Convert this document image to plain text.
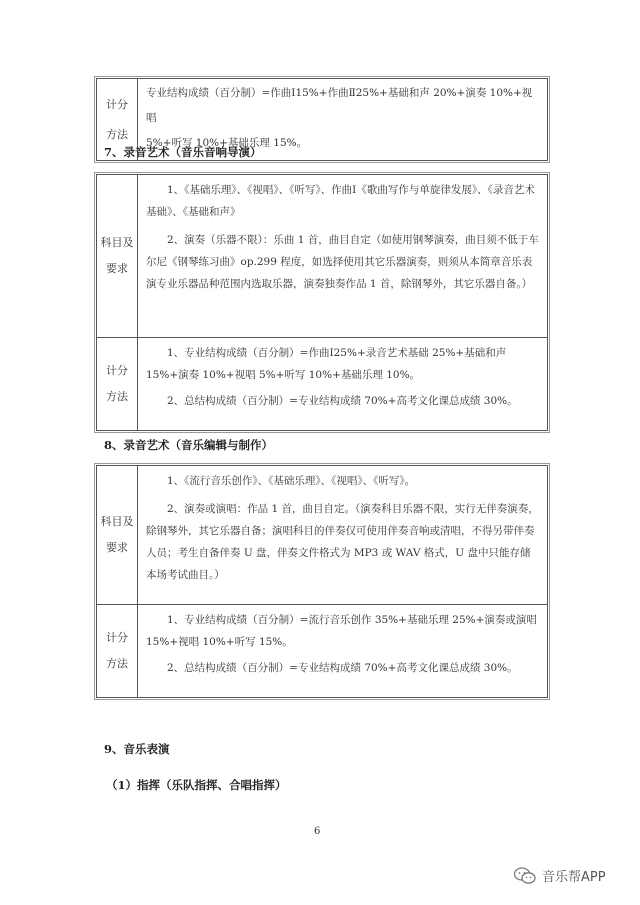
计分
方法

专业结构成绩（百分制）=作曲Ⅰ15%+作曲Ⅱ25%+基础和声 20%+演奏 10%+视唱

5%+听写 10%+基础乐理 15%。

7、录音艺术（音乐音响导演）
科目及
要求

1、《基础乐理》、《视唱》、《听写》、作曲Ⅰ《歌曲写作与单旋律发展》、《录音艺术基础》、《基础和声》

2、演奏（乐器不限）：乐曲 1 首，曲目自定（如使用钢琴演奏，曲目须不低于车尔尼《钢琴练习曲》op.299 程度，如选择使用其它乐器演奏，则须从本简章音乐表演专业乐器品种范围内选取乐器，演奏独奏作品 1 首，除钢琴外，其它乐器自备。）

计分
方法

1、专业结构成绩（百分制）=作曲Ⅰ25%+录音艺术基础 25%+基础和声 15%+演奏 10%+视唱 5%+听写 10%+基础乐理 10%。

2、总结构成绩（百分制）=专业结构成绩 70%+高考文化课总成绩 30%。

8、录音艺术（音乐编辑与制作）
科目及
要求

1、《流行音乐创作》、《基础乐理》、《视唱》、《听写》。

2、演奏或演唱：作品 1 首，曲目自定。（演奏科目乐器不限，实行无伴奏演奏，除钢琴外，其它乐器自备；演唱科目的伴奏仅可使用伴奏音响或清唱，不得另带伴奏人员；考生自备伴奏 U 盘，伴奏文件格式为 MP3 或 WAV 格式，U 盘中只能存储本场考试曲目。）

计分
方法

1、专业结构成绩（百分制）=流行音乐创作 35%+基础乐理 25%+演奏或演唱 15%+视唱 10%+听写 15%。

2、总结构成绩（百分制）=专业结构成绩 70%+高考文化课总成绩 30%。

9、音乐表演
（1）指挥（乐队指挥、合唱指挥）
6
音乐帮APP
